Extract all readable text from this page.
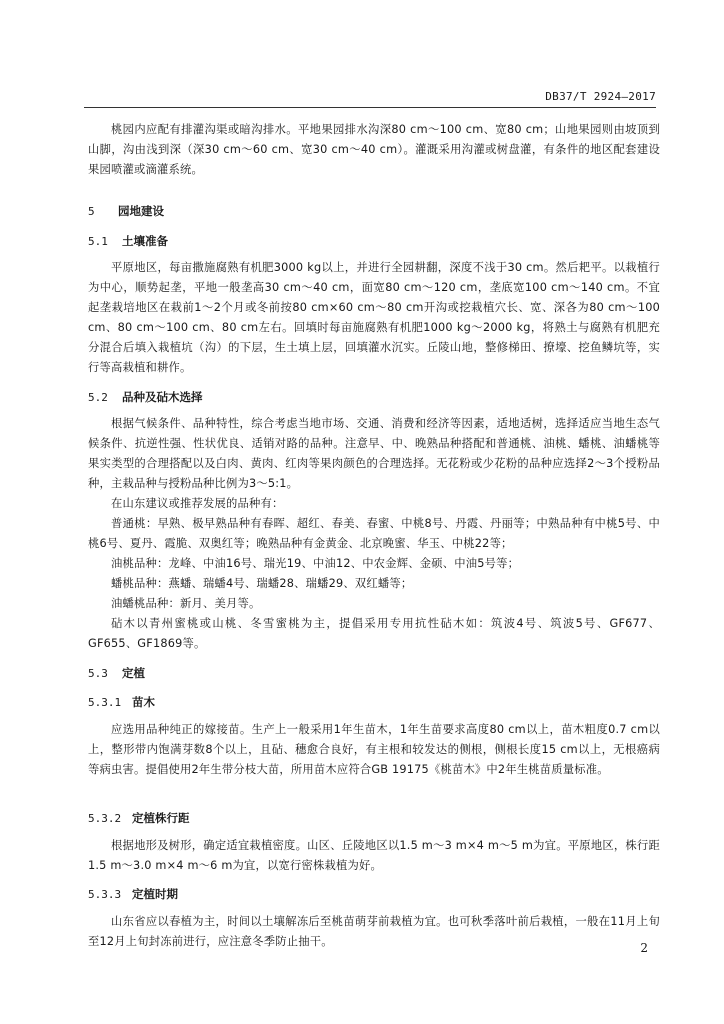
DB37/T 2924—2017

桃园内应配有排灌沟渠或暗沟排水。平地果园排水沟深80 cm～100 cm、宽80 cm；山地果园则由坡顶到山脚，沟由浅到深（深30 cm～60 cm、宽30 cm～40 cm）。灌溉采用沟灌或树盘灌，有条件的地区配套建设果园喷灌或滴灌系统。

5 园地建设
5.1 土壤准备

平原地区，每亩撒施腐熟有机肥3000 kg以上，并进行全园耕翻，深度不浅于30 cm。然后耙平。以栽植行为中心，顺势起垄，平地一般垄高30 cm～40 cm，面宽80 cm～120 cm，垄底宽100 cm～140 cm。不宜起垄栽培地区在栽前1～2个月或冬前按80 cm×60 cm～80 cm开沟或挖栽植穴长、宽、深各为80 cm～100 cm、80 cm～100 cm、80 cm左右。回填时每亩施腐熟有机肥1000 kg～2000 kg，将熟土与腐熟有机肥充分混合后填入栽植坑（沟）的下层，生土填上层，回填灌水沉实。丘陵山地，整修梯田、撩壕、挖鱼鳞坑等，实行等高栽植和耕作。

5.2 品种及砧木选择

根据气候条件、品种特性，综合考虑当地市场、交通、消费和经济等因素，适地适树，选择适应当地生态气候条件、抗逆性强、性状优良、适销对路的品种。注意早、中、晚熟品种搭配和普通桃、油桃、蟠桃、油蟠桃等果实类型的合理搭配以及白肉、黄肉、红肉等果肉颜色的合理选择。无花粉或少花粉的品种应选择2～3个授粉品种，主栽品种与授粉品种比例为3～5:1。

在山东建议或推荐发展的品种有：

普通桃：早熟、极早熟品种有春晖、超红、春美、春蜜、中桃8号、丹霞、丹丽等；中熟品种有中桃5号、中桃6号、夏丹、霞脆、双奥红等；晚熟品种有金黄金、北京晚蜜、华玉、中桃22等；

油桃品种：龙峰、中油16号、瑞光19、中油12、中农金辉、金硕、中油5号等；

蟠桃品种：燕蟠、瑞蟠4号、瑞蟠28、瑞蟠29、双红蟠等；

油蟠桃品种：新月、美月等。

砧木以青州蜜桃或山桃、冬雪蜜桃为主，提倡采用专用抗性砧木如：筑波4号、筑波5号、GF677、GF655、GF1869等。

5.3 定植
5.3.1 苗木

应选用品种纯正的嫁接苗。生产上一般采用1年生苗木，1年生苗要求高度80 cm以上，苗木粗度0.7 cm以上，整形带内饱满芽数8个以上，且砧、穗愈合良好，有主根和较发达的侧根，侧根长度15 cm以上，无根癌病等病虫害。提倡使用2年生带分枝大苗，所用苗木应符合GB 19175《桃苗木》中2年生桃苗质量标准。

5.3.2 定植株行距

根据地形及树形，确定适宜栽植密度。山区、丘陵地区以1.5 m～3 m×4 m～5 m为宜。平原地区，株行距1.5 m～3.0 m×4 m～6 m为宜，以宽行密株栽植为好。

5.3.3 定植时期

山东省应以春植为主，时间以土壤解冻后至桃苗萌芽前栽植为宜。也可秋季落叶前后栽植，一般在11月上旬至12月上旬封冻前进行，应注意冬季防止抽干。	2
